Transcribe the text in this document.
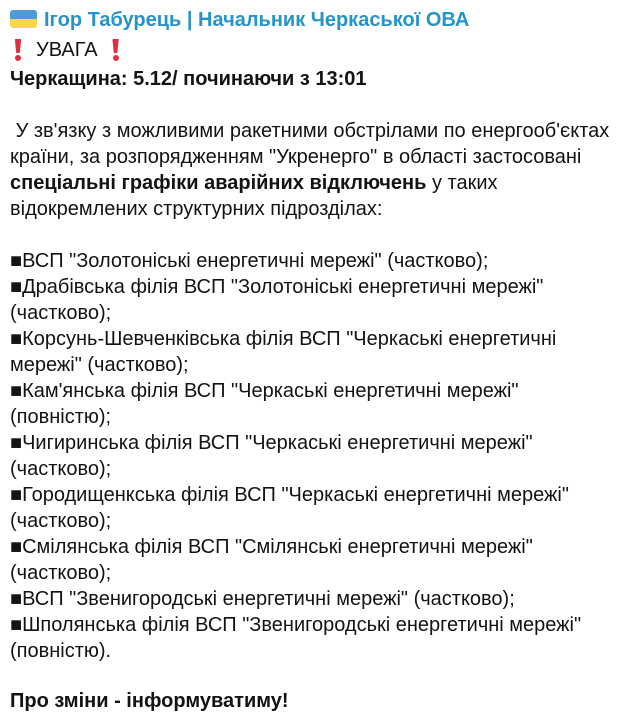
Ігор Табурець | Начальник Черкаської ОВА
УВАГА
Черкащина: 5.12/ починаючи з 13:01
У зв'язку з можливими ракетними обстрілами по енергооб'єктах країни, за розпорядженням "Укренерго" в області застосовані спеціальні графіки аварійних відключень у таких відокремлених структурних підрозділах:
■ВСП "Золотоніські енергетичні мережі" (частково);
■Драбівська філія ВСП "Золотоніські енергетичні мережі" (частково);
■Корсунь-Шевченківська філія ВСП "Черкаські енергетичні мережі" (частково);
■Кам'янська філія ВСП "Черкаські енергетичні мережі" (повністю);
■Чигиринська філія ВСП "Черкаські енергетичні мережі" (частково);
■Городищенкська філія ВСП "Черкаські енергетичні мережі" (частково);
■Смілянська філія ВСП "Смілянські енергетичні мережі" (частково);
■ВСП "Звенигородські енергетичні мережі" (частково);
■Шполянська філія ВСП "Звенигородські енергетичні мережі" (повністю).
Про зміни - інформуватиму!
